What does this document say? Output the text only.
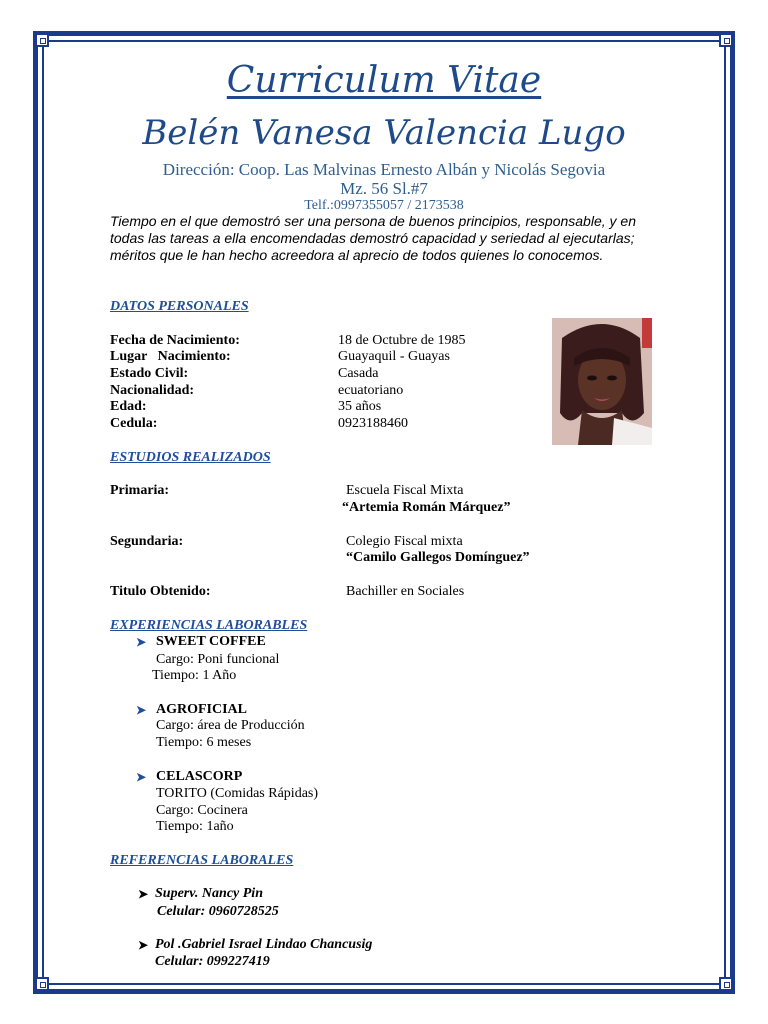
Curriculum Vitae
Belén Vanesa Valencia Lugo
Dirección: Coop. Las Malvinas Ernesto Albán y Nicolás Segovia
Mz. 56 Sl.#7
Telf.:0997355057 / 2173538
Tiempo en el que demostró ser una persona de buenos principios, responsable, y en todas las tareas a ella encomendadas demostró capacidad y seriedad al ejecutarlas; méritos que le han hecho acreedora al aprecio de todos quienes lo conocemos.
DATOS PERSONALES
Fecha de Nacimiento:	18 de Octubre de 1985
Lugar   Nacimiento:	Guayaquil - Guayas
Estado Civil:	Casada
Nacionalidad:	ecuatoriano
Edad:	35 años
Cedula:	0923188460
ESTUDIOS REALIZADOS
Primaria:	Escuela Fiscal Mixta
“Artemia Román Márquez”
Segundaria:	Colegio Fiscal mixta
“Camilo Gallegos Domínguez”
Titulo Obtenido:	Bachiller en Sociales
EXPERIENCIAS LABORABLES
➤ SWEET COFFEE
Cargo: Poni funcional
Tiempo: 1 Año
➤ AGROFICIAL
Cargo: área de Producción
Tiempo: 6 meses
➤ CELASCORP
TORITO (Comidas Rápidas)
Cargo: Cocinera
Tiempo: 1año
REFERENCIAS LABORALES
➤ Superv. Nancy Pin
Celular: 0960728525
➤ Pol .Gabriel Israel Lindao Chancusig
Celular: 099227419
